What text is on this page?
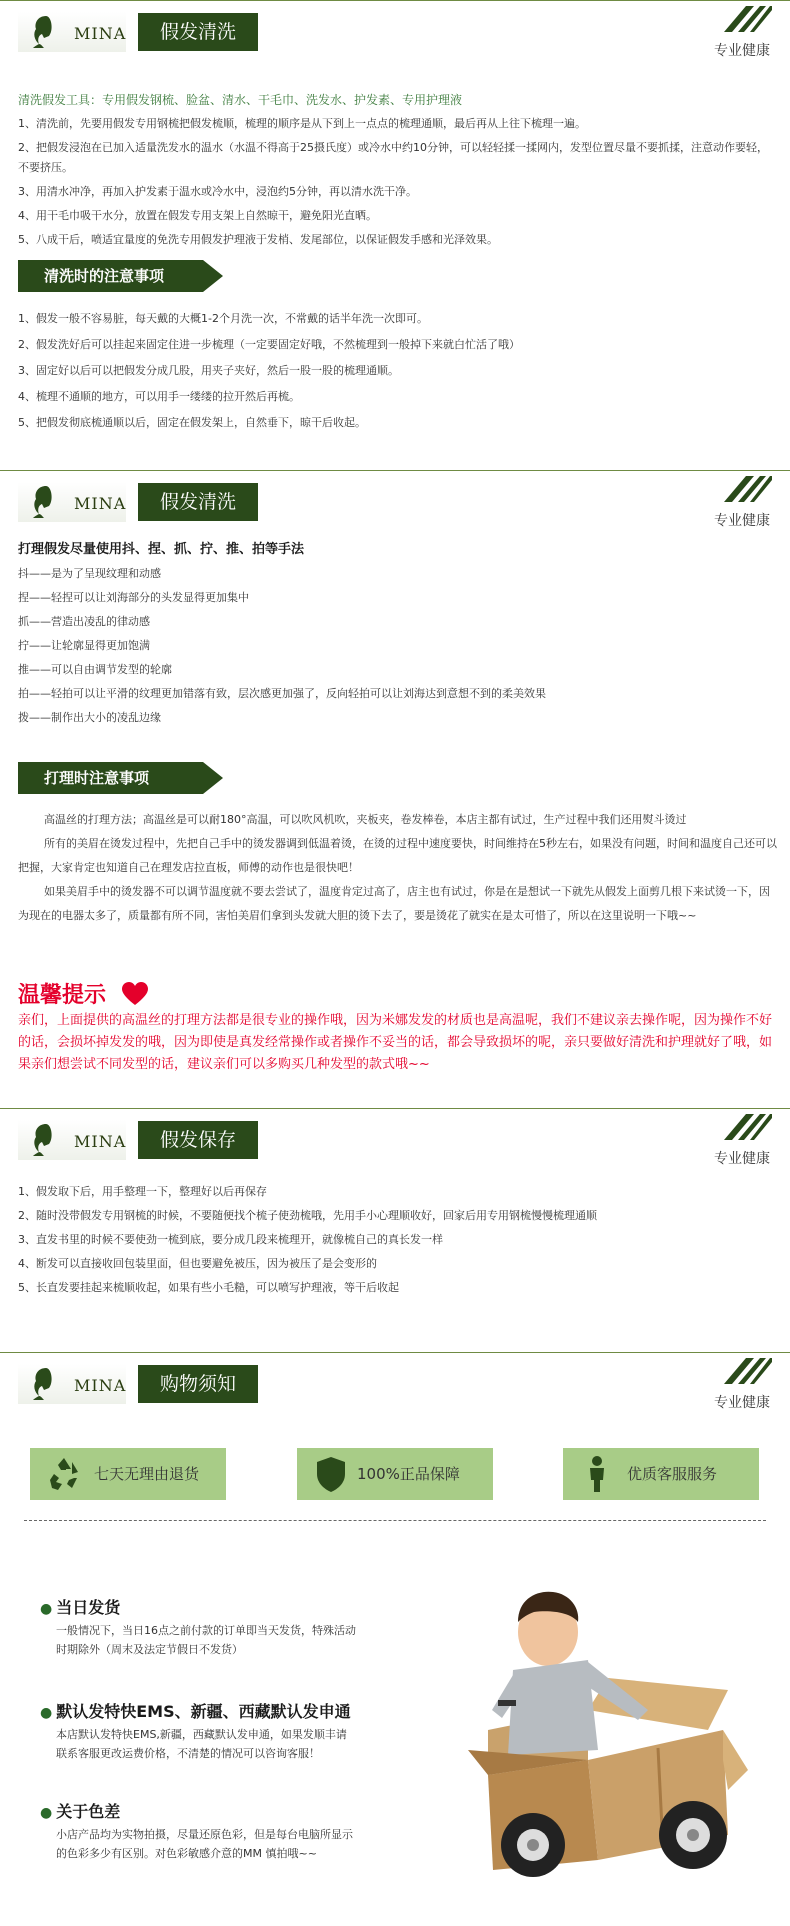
MINA	假发清洗
专业健康

清洗假发工具：专用假发钢梳、脸盆、清水、干毛巾、洗发水、护发素、专用护理液

1、清洗前，先要用假发专用钢梳把假发梳顺，梳理的顺序是从下到上一点点的梳理通顺，最后再从上往下梳理一遍。

2、把假发浸泡在已加入适量洗发水的温水（水温不得高于25摄氏度）或冷水中约10分钟，可以轻轻揉一揉网内，发型位置尽量不要抓揉，注意动作要轻，不要挤压。

3、用清水冲净，再加入护发素于温水或冷水中，浸泡约5分钟，再以清水洗干净。

4、用干毛巾吸干水分，放置在假发专用支架上自然晾干，避免阳光直晒。

5、八成干后，喷适宜量度的免洗专用假发护理液于发梢、发尾部位，以保证假发手感和光泽效果。

清洗时的注意事项

1、假发一般不容易脏，每天戴的大概1-2个月洗一次，不常戴的话半年洗一次即可。

2、假发洗好后可以挂起来固定住进一步梳理（一定要固定好哦，不然梳理到一般掉下来就白忙活了哦）

3、固定好以后可以把假发分成几股，用夹子夹好，然后一股一股的梳理通顺。

4、梳理不通顺的地方，可以用手一缕缕的拉开然后再梳。

5、把假发彻底梳通顺以后，固定在假发架上，自然垂下，晾干后收起。

MINA	假发清洗
专业健康

打理假发尽量使用抖、捏、抓、拧、推、拍等手法

抖——是为了呈现纹理和动感

捏——轻捏可以让刘海部分的头发显得更加集中

抓——营造出凌乱的律动感

拧——让轮廓显得更加饱满

推——可以自由调节发型的轮廓

拍——轻拍可以让平滑的纹理更加错落有致，层次感更加强了，反向轻拍可以让刘海达到意想不到的柔美效果

拨——制作出大小的凌乱边缘

打理时注意事项

高温丝的打理方法；高温丝是可以耐180°高温，可以吹风机吹，夹板夹，卷发棒卷，本店主都有试过，生产过程中我们还用熨斗烫过

所有的美眉在烫发过程中，先把自己手中的烫发器调到低温着烫，在烫的过程中速度要快，时间维持在5秒左右，如果没有问题，时间和温度自己还可以把握，大家肯定也知道自己在理发店拉直板，师傅的动作也是很快吧！

如果美眉手中的烫发器不可以调节温度就不要去尝试了，温度肯定过高了，店主也有试过，你是在是想试一下就先从假发上面剪几根下来试烫一下，因为现在的电器太多了，质量都有所不同，害怕美眉们拿到头发就大胆的烫下去了，要是烫花了就实在是太可惜了，所以在这里说明一下哦~~

温馨提示
亲们，上面提供的高温丝的打理方法都是很专业的操作哦，因为米娜发发的材质也是高温呢，我们不建议亲去操作呢，因为操作不好的话，会损坏掉发发的哦，因为即使是真发经常操作或者操作不妥当的话，都会导致损坏的呢，亲只要做好清洗和护理就好了哦，如果亲们想尝试不同发型的话，建议亲们可以多购买几种发型的款式哦~~
MINA	假发保存
专业健康

1、假发取下后，用手整理一下，整理好以后再保存

2、随时没带假发专用钢梳的时候，不要随便找个梳子使劲梳哦，先用手小心理顺收好，回家后用专用钢梳慢慢梳理通顺

3、直发书里的时候不要使劲一梳到底，要分成几段来梳理开，就像梳自己的真长发一样

4、断发可以直接收回包装里面，但也要避免被压，因为被压了是会变形的

5、长直发要挂起来梳顺收起，如果有些小毛糙，可以喷写护理液，等干后收起

MINA	购物须知
专业健康
七天无理由退货	100%正品保障	优质客服服务
● 当日发货
一般情况下，当日16点之前付款的订单即当天发货，特殊活动时期除外（周末及法定节假日不发货）
● 默认发特快EMS、新疆、西藏默认发申通
本店默认发特快EMS,新疆，西藏默认发申通，如果发顺丰请联系客服更改运费价格，不清楚的情况可以咨询客服！
● 关于色差
小店产品均为实物拍摄，尽量还原色彩，但是每台电脑所显示的色彩多少有区别。对色彩敏感介意的MM 慎拍哦~~
